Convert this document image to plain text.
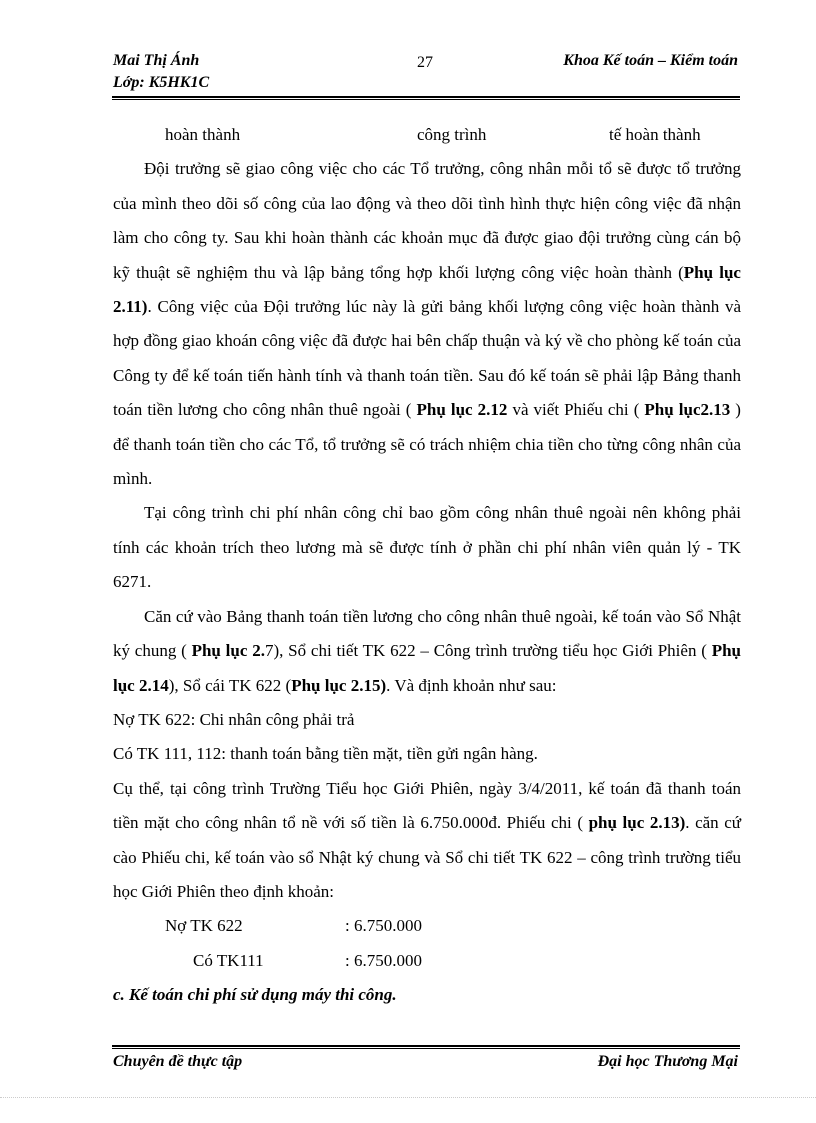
Mai Thị Ánh
Lớp: K5HK1C
27	Khoa Kế toán – Kiểm toán
hoàn thành	công trình	tế hoàn thành

Đội trưởng sẽ giao công việc cho các Tổ trưởng, công nhân mỗi tổ sẽ được tổ trưởng của mình theo dõi số công của lao động và theo dõi tình hình thực hiện công việc đã nhận làm cho công ty. Sau khi hoàn thành các khoản mục đã được giao đội trưởng cùng cán bộ kỹ thuật sẽ nghiệm thu và lập bảng tổng hợp khối lượng công việc hoàn thành (Phụ lục 2.11). Công việc của Đội trưởng lúc này là gửi bảng khối lượng công việc hoàn thành và hợp đồng giao khoán công việc đã được hai bên chấp thuận và ký về cho phòng kế toán của Công ty để kế toán tiến hành tính và thanh toán tiền. Sau đó kế toán sẽ phải lập Bảng thanh toán tiền lương cho công nhân thuê ngoài ( Phụ lục 2.12 và viết Phiếu chi ( Phụ lục2.13 ) để thanh toán tiền cho các Tổ, tổ trưởng sẽ có trách nhiệm chia tiền cho từng công nhân của mình.

Tại công trình chi phí nhân công chỉ bao gồm công nhân thuê ngoài nên không phải tính các khoản trích theo lương mà sẽ được tính ở phần chi phí nhân viên quản lý - TK 6271.

Căn cứ vào Bảng thanh toán tiền lương cho công nhân thuê ngoài, kế toán vào Sổ Nhật ký chung ( Phụ lục 2.7), Sổ chi tiết TK 622 – Công trình trường tiểu học Giới Phiên ( Phụ lục 2.14), Sổ cái TK 622 (Phụ lục 2.15). Và định khoản như sau:

Nợ TK 622: Chi nhân công phải trả

Có TK 111, 112: thanh toán bằng tiền mặt, tiền gửi ngân hàng.

Cụ thể, tại công trình Trường Tiểu học Giới Phiên, ngày 3/4/2011, kế toán đã thanh toán tiền mặt cho công nhân tổ nề với số tiền là 6.750.000đ. Phiếu chi ( phụ lục 2.13). căn cứ cào Phiếu chi, kế toán vào sổ Nhật ký chung và Sổ chi tiết TK 622 – công trình trường tiểu học Giới Phiên theo định khoản:

Nợ TK 622	: 6.750.000
Có TK111	: 6.750.000
c. Kế toán chi phí sử dụng máy thi công.
Chuyên đề thực tập	Đại học Thương Mại
